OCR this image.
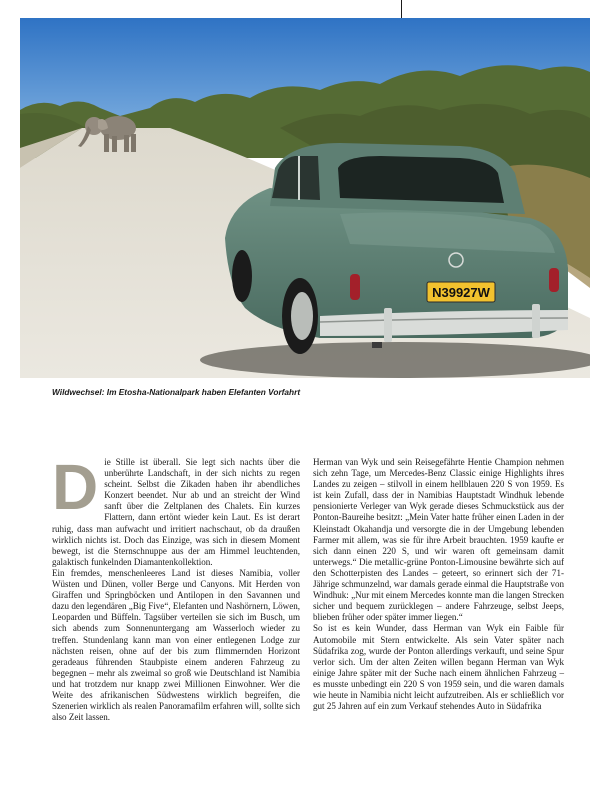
N39927W
Wildwechsel: Im Etosha-Nationalpark haben Elefanten Vorfahrt

Die Stille ist überall. Sie legt sich nachts über die unberührte Landschaft, in der sich nichts zu regen scheint. Selbst die Zikaden haben ihr abendliches Konzert beendet. Nur ab und an streicht der Wind sanft über die Zeltplanen des Chalets. Ein kurzes Flattern, dann ertönt wieder kein Laut. Es ist derart ruhig, dass man aufwacht und irritiert nachschaut, ob da draußen wirklich nichts ist. Doch das Einzige, was sich in diesem Moment bewegt, ist die Sternschnuppe aus der am Himmel leuchtenden, galaktisch funkelnden Diamantenkollektion.

Ein fremdes, menschenleeres Land ist dieses Namibia, voller Wüsten und Dünen, voller Berge und Canyons. Mit Herden von Giraffen und Springböcken und Antilopen in den Savannen und dazu den legendären „Big Five“, Elefanten und Nashörnern, Löwen, Leoparden und Büffeln. Tagsüber verteilen sie sich im Busch, um sich abends zum Sonnenuntergang am Wasserloch wieder zu treffen. Stundenlang kann man von einer entlegenen Lodge zur nächsten reisen, ohne auf der bis zum flimmernden Horizont geradeaus führenden Staubpiste einem anderen Fahrzeug zu begegnen – mehr als zweimal so groß wie Deutschland ist Namibia und hat trotzdem nur knapp zwei Millionen Einwohner. Wer die Weite des afrikanischen Südwestens wirklich begreifen, die Szenerien wirklich als realen Panoramafilm erfahren will, sollte sich also Zeit lassen.

Herman van Wyk und sein Reisegefährte Hentie Champion nehmen sich zehn Tage, um Mercedes-Benz Classic einige Highlights ihres Landes zu zeigen – stilvoll in einem hellblauen 220 S von 1959. Es ist kein Zufall, dass der in Namibias Hauptstadt Windhuk lebende pensionierte Verleger van Wyk gerade dieses Schmuckstück aus der Ponton-Baureihe besitzt: „Mein Vater hatte früher einen Laden in der Kleinstadt Okahandja und versorgte die in der Umgebung lebenden Farmer mit allem, was sie für ihre Arbeit brauchten. 1959 kaufte er sich dann einen 220 S, und wir waren oft gemeinsam damit unterwegs.“ Die metallic-grüne Ponton-Limousine bewährte sich auf den Schotterpisten des Landes – geteert, so erinnert sich der 71-Jährige schmunzelnd, war damals gerade einmal die Hauptstraße von Windhuk: „Nur mit einem Mercedes konnte man die langen Strecken sicher und bequem zurücklegen – andere Fahrzeuge, selbst Jeeps, blieben früher oder später immer liegen.“

So ist es kein Wunder, dass Herman van Wyk ein Faible für Automobile mit Stern entwickelte. Als sein Vater später nach Südafrika zog, wurde der Ponton allerdings verkauft, und seine Spur verlor sich. Um der alten Zeiten willen begann Herman van Wyk einige Jahre später mit der Suche nach einem ähnlichen Fahrzeug – es musste unbedingt ein 220 S von 1959 sein, und die waren damals wie heute in Namibia nicht leicht aufzutreiben. Als er schließlich vor gut 25 Jahren auf ein zum Verkauf stehendes Auto in Südafrika
